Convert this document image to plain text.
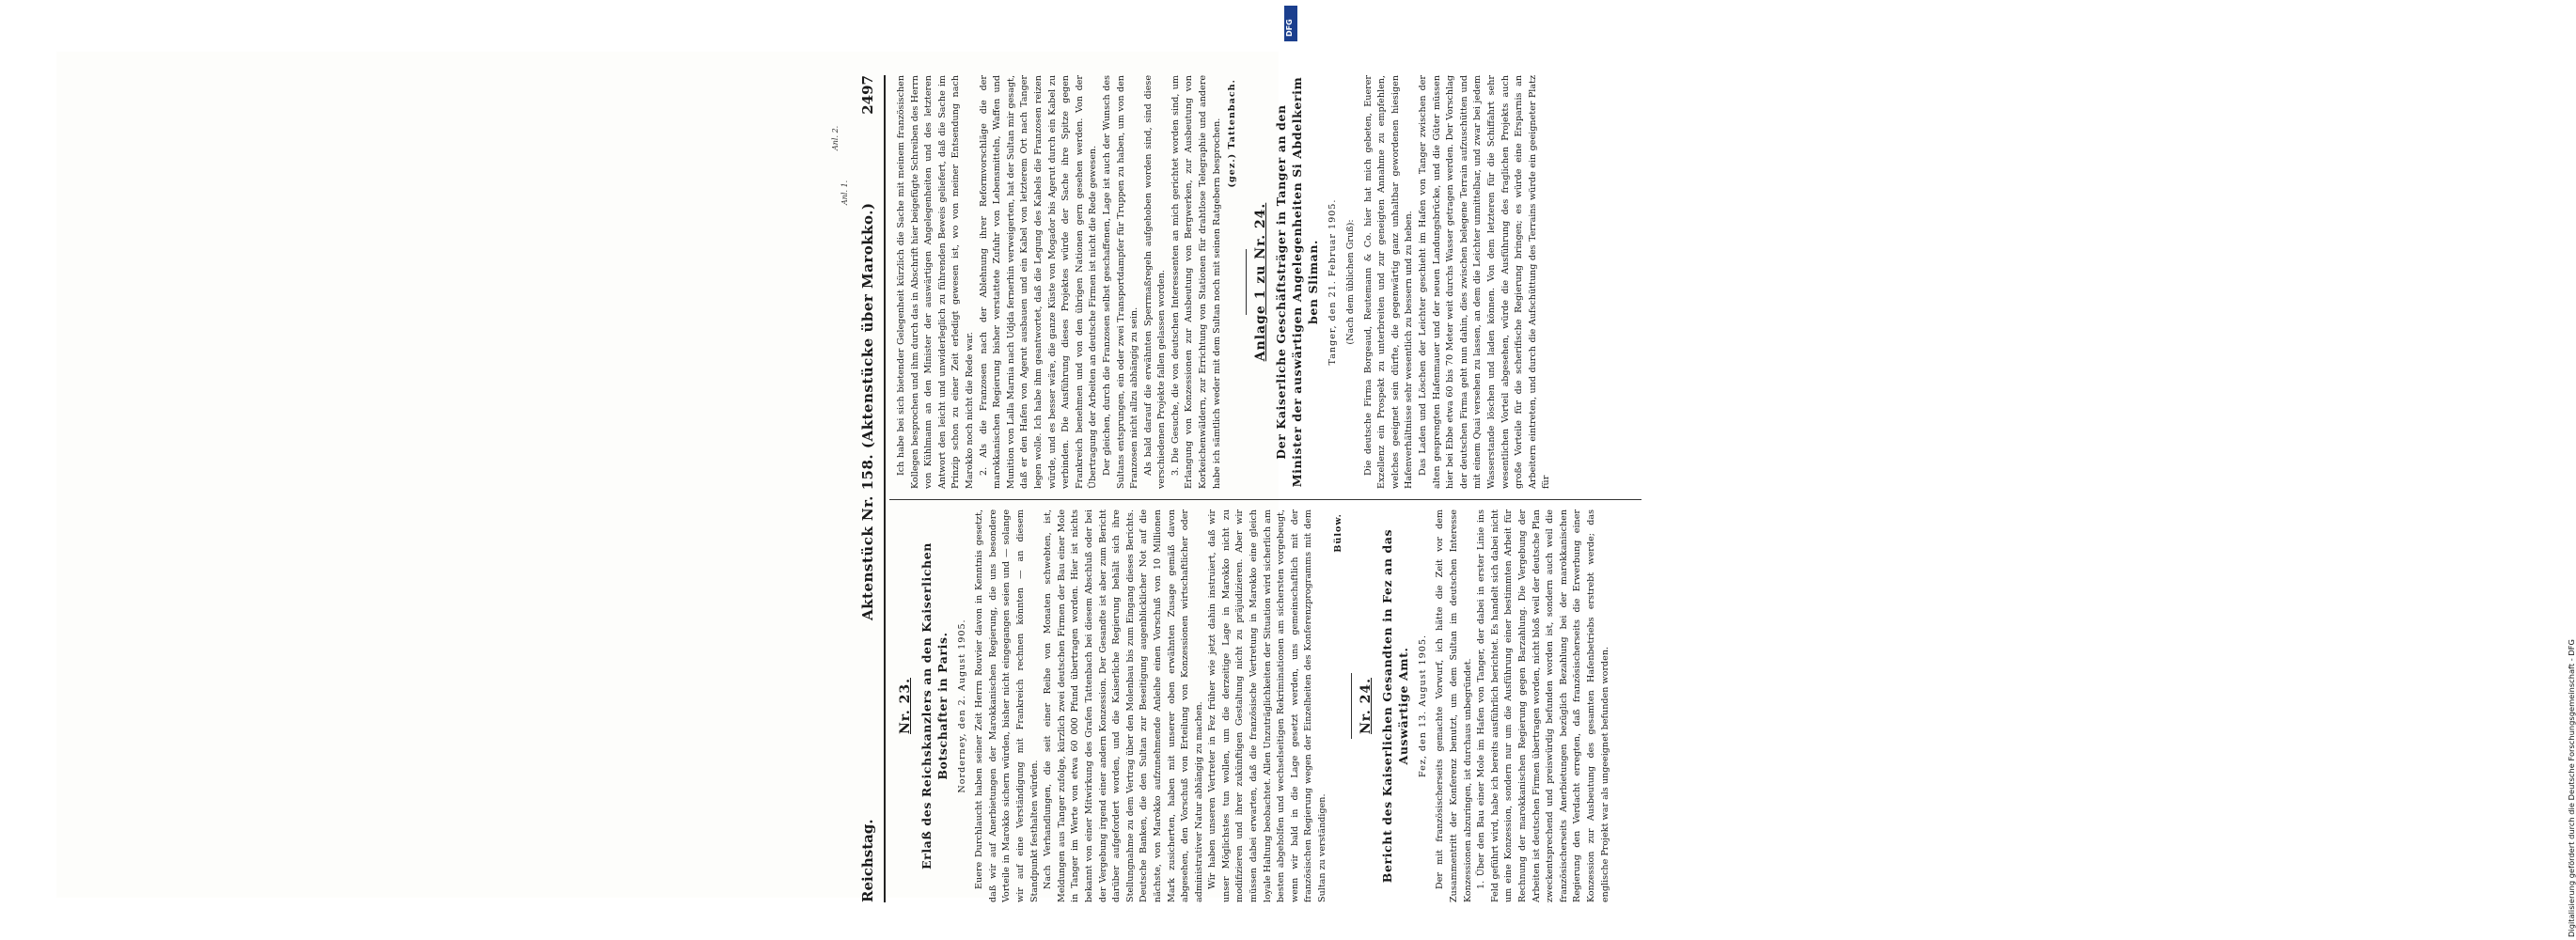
Reichstag.
Aktenstück Nr. 158. (Aktenstücke über Marokko.)
2497
Nr. 23. Erlaß des Reichskanzlers an den Kaiserlichen Botschafter in Paris. Norderney, den 2. August 1905. Euere Durchlaucht haben seiner Zeit Herrn Rouvier davon in Kenntnis gesetzt, daß wir auf Anerbietungen der Marokkanischen Regierung, die uns besondere Vorteile in Marokko sichern würden, bisher nicht eingegangen seien und — solange wir auf eine Verständigung mit Frankreich rechnen könnten — an diesem Standpunkt festhalten würden. Nach Verhandlungen, die seit einer Reihe von Monaten schwebten, ist, Meldungen aus Tanger zufolge, kürzlich zwei deutschen Firmen der Bau einer Mole in Tanger im Werte von etwa 60 000 Pfund übertragen worden. Hier ist nichts bekannt von einer Mitwirkung des Grafen Tattenbach bei diesem Abschluß oder bei der Vergebung irgend einer andern Konzession. Der Gesandte ist aber zum Bericht darüber aufgefordert worden, und die Kaiserliche Regierung behält sich ihre Stellungnahme zu dem Vertrag über den Molenbau bis zum Eingang dieses Berichts. Deutsche Banken, die den Sultan zur Beseitigung augenblicklicher Not auf die nächste, von Marokko aufzunehmende Anleihe einen Vorschuß von 10 Millionen Mark zusicherten, haben mit unserer oben erwähnten Zusage gemäß davon abgesehen, den Vorschuß von Erteilung von Konzessionen wirtschaftlicher oder administrativer Natur abhängig zu machen. Wir haben unseren Vertreter in Fez früher wie jetzt dahin instruiert, daß wir unser Möglichstes tun wollen, um die derzeitige Lage in Marokko nicht zu modifizieren und ihrer zukünftigen Gestaltung nicht zu präjudizieren. Aber wir müssen dabei erwarten, daß die französische Vertretung in Marokko eine gleich loyale Haltung beobachtet. Allen Unzuträglichkeiten der Situation wird sicherlich am besten abgeholfen und wechselseitigen Rekriminationen am sichersten vorgebeugt, wenn wir bald in die Lage gesetzt werden, uns gemeinschaftlich mit der französischen Regierung wegen der Einzelheiten des Konferenzprogramms mit dem Sultan zu verständigen.

Bülow.
Nr. 24. Bericht des Kaiserlichen Gesandten in Fez an das Auswärtige Amt. Fez, den 13. August 1905. Der mit französischerseits gemachte Vorwurf, ich hätte die Zeit vor dem Zusammentritt der Konferenz benutzt, um dem Sultan im deutschen Interesse Konzessionen abzuringen, ist durchaus unbegründet. 1. Über den Bau einer Mole im Hafen von Tanger, der dabei in erster Linie ins Feld geführt wird, habe ich bereits ausführlich berichtet. Es handelt sich dabei nicht um eine Konzession, sondern nur um die Ausführung einer bestimmten Arbeit für Rechnung der marokkanischen Regierung gegen Barzahlung. Die Vergebung der Arbeiten ist deutschen Firmen übertragen worden, nicht bloß weil der deutsche Plan zweckentsprechend und preiswürdig befunden worden ist, sondern auch weil die französischerseits Anerbietungen bezüglich Bezahlung bei der marokkanischen Regierung den Verdacht erregten, daß französischerseits die Erwerbung einer Konzession zur Ausbeutung des gesamten Hafenbetriebs erstrebt werde; das englische Projekt war als ungeeignet befunden worden.

Ich habe bei sich bietender Gelegenheit kürzlich die Sache mit meinem französischen Kollegen besprochen und ihm durch das in Abschrift hier beigefügte Schreiben des Herrn von Kühlmann an den Minister der auswärtigen Angelegenheiten und des letzteren Antwort den leicht und unwiderleglich zu führenden Beweis geliefert, daß die Sache im Prinzip schon zu einer Zeit erledigt gewesen ist, wo von meiner Entsendung nach Marokko noch nicht die Rede war. 2. Als die Franzosen nach der Ablehnung ihrer Reformvorschläge die der marokkanischen Regierung bisher verstattete Zufuhr von Lebensmitteln, Waffen und Munition von Lalla Marnia nach Udjda fernerhin verweigerten, hat der Sultan mir gesagt, daß er den Hafen von Agerut ausbauen und ein Kabel von letzterem Ort nach Tanger legen wolle. Ich habe ihm geantwortet, daß die Legung des Kabels die Franzosen reizen würde, und es besser wäre, die ganze Küste von Mogador bis Agerut durch ein Kabel zu verbinden. Die Ausführung dieses Projektes würde der Sache ihre Spitze gegen Frankreich benehmen und von den übrigen Nationen gern gesehen werden. Von der Übertragung der Arbeiten an deutsche Firmen ist nicht die Rede gewesen. Der gleichen, durch die Franzosen selbst geschaffenen, Lage ist auch der Wunsch des Sultans entsprungen, ein oder zwei Transportdampfer für Truppen zu haben, um von den Franzosen nicht allzu abhängig zu sein. Als bald darauf die erwähnten Sperrmaßregeln aufgehoben worden sind, sind diese verschiedenen Projekte fallen gelassen worden. 3. Die Gesuche, die von deutschen Interessenten an mich gerichtet worden sind, um Erlangung von Konzessionen zur Ausbeutung von Bergwerken, zur Ausbeutung von Korkeichenwäldern, zur Errichtung von Stationen für drahtlose Telegraphie und andere habe ich sämtlich weder mit dem Sultan noch mit seinen Ratgebern besprochen. (gez.) Tattenbach.
Anlage 1 zu Nr. 24. Der Kaiserliche Geschäftsträger in Tanger an den Minister der auswärtigen Angelegenheiten Si Abdelkerim ben Sliman. Tanger, den 21. Februar 1905. (Nach dem üblichen Gruß): Die deutsche Firma Borgeaud, Reutemann & Co. hier hat mich gebeten, Euerer Exzellenz ein Prospekt zu unterbreiten und zur geneigten Annahme zu empfehlen, welches geeignet sein dürfte, die gegenwärtig ganz unhaltbar gewordenen hiesigen Hafenverhältnisse sehr wesentlich zu bessern und zu heben. Das Laden und Löschen der Leichter geschieht im Hafen von Tanger zwischen der alten gesprengten Hafenmauer und der neuen Landungsbrücke, und die Güter müssen hier bei Ebbe etwa 60 bis 70 Meter weit durchs Wasser getragen werden. Der Vorschlag der deutschen Firma geht nun dahin, dies zwischen belegene Terrain aufzuschütten und mit einem Quai versehen zu lassen, an dem die Leichter unmittelbar, und zwar bei jedem Wasserstande löschen und laden können. Von dem letzteren für die Schiffahrt sehr wesentlichen Vorteil abgesehen, würde die Ausführung des fraglichen Projekts auch große Vorteile für die scherifische Regierung bringen; es würde eine Ersparnis an Arbeitern eintreten, und durch die Aufschüttung des Terrains würde ein geeigneter Platz für

Anl. 1.
Anl. 2.
Digitalisierung gefördert durch die Deutsche Forschungsgemeinschaft - DFG
DFG
